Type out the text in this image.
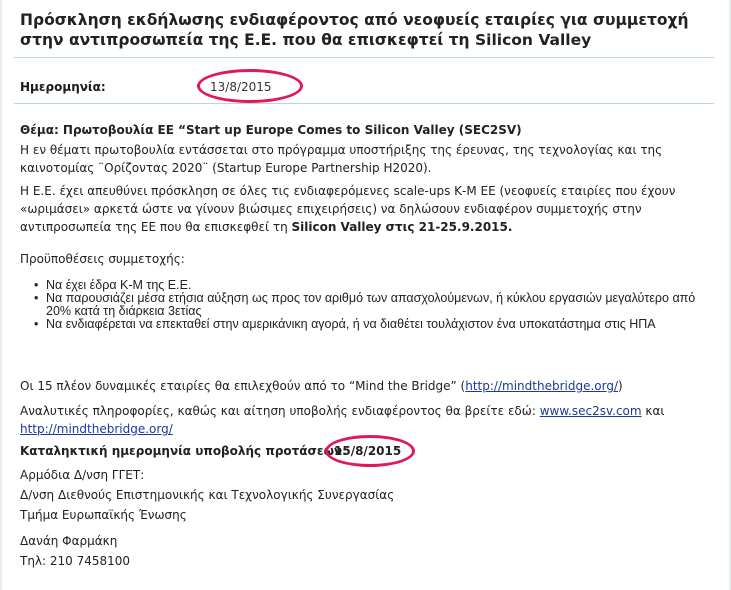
Πρόσκληση εκδήλωσης ενδιαφέροντος από νεοφυείς εταιρίες για συμμετοχή στην αντιπροσωπεία της Ε.Ε. που θα επισκεφτεί τη Silicon Valley
Ημερομηνία:	13/8/2015

Θέμα: Πρωτοβουλία ΕΕ “Start up Europe Comes to Silicon Valley (SEC2SV)

Η εν θέματι πρωτοβουλία εντάσσεται στο πρόγραμμα υποστήριξης της έρευνας, της τεχνολογίας και της καινοτομίας ¨Ορίζοντας 2020¨ (Startup Europe Partnership H2020).

Η Ε.Ε. έχει απευθύνει πρόσκληση σε όλες τις ενδιαφερόμενες scale-ups Κ-Μ ΕΕ (νεοφυείς εταιρίες που έχουν «ωριμάσει» αρκετά ώστε να γίνουν βιώσιμες επιχειρήσεις) να δηλώσουν ενδιαφέρον συμμετοχής στην αντιπροσωπεία της ΕΕ που θα επισκεφθεί τη Silicon Valley στις 21-25.9.2015.

Προϋποθέσεις συμμετοχής:

• Να έχει έδρα Κ-Μ της Ε.Ε.
• Να παρουσιάζει μέσα ετήσια αύξηση ως προς τον αριθμό των απασχολούμενων, ή κύκλου εργασιών μεγαλύτερο από 20% κατά τη διάρκεια 3ετίας
• Να ενδιαφέρεται να επεκταθεί στην αμερικάνικη αγορά, ή να διαθέτει τουλάχιστον ένα υποκατάστημα στις ΗΠΑ

Οι 15 πλέον δυναμικές εταιρίες θα επιλεχθούν από το “Mind the Bridge” (http://mindthebridge.org/)

Αναλυτικές πληροφορίες, καθώς και αίτηση υποβολής ενδιαφέροντος θα βρείτε εδώ: www.sec2sv.com και http://mindthebridge.org/

Καταληκτική ημερομηνία υποβολής προτάσεων:

15/8/2015

Αρμόδια Δ/νση ΓΓΕΤ:

Δ/νση Διεθνούς Επιστημονικής και Τεχνολογικής Συνεργασίας

Τμήμα Ευρωπαϊκής Ένωσης

Δανάη Φαρμάκη

Τηλ: 210 7458100
